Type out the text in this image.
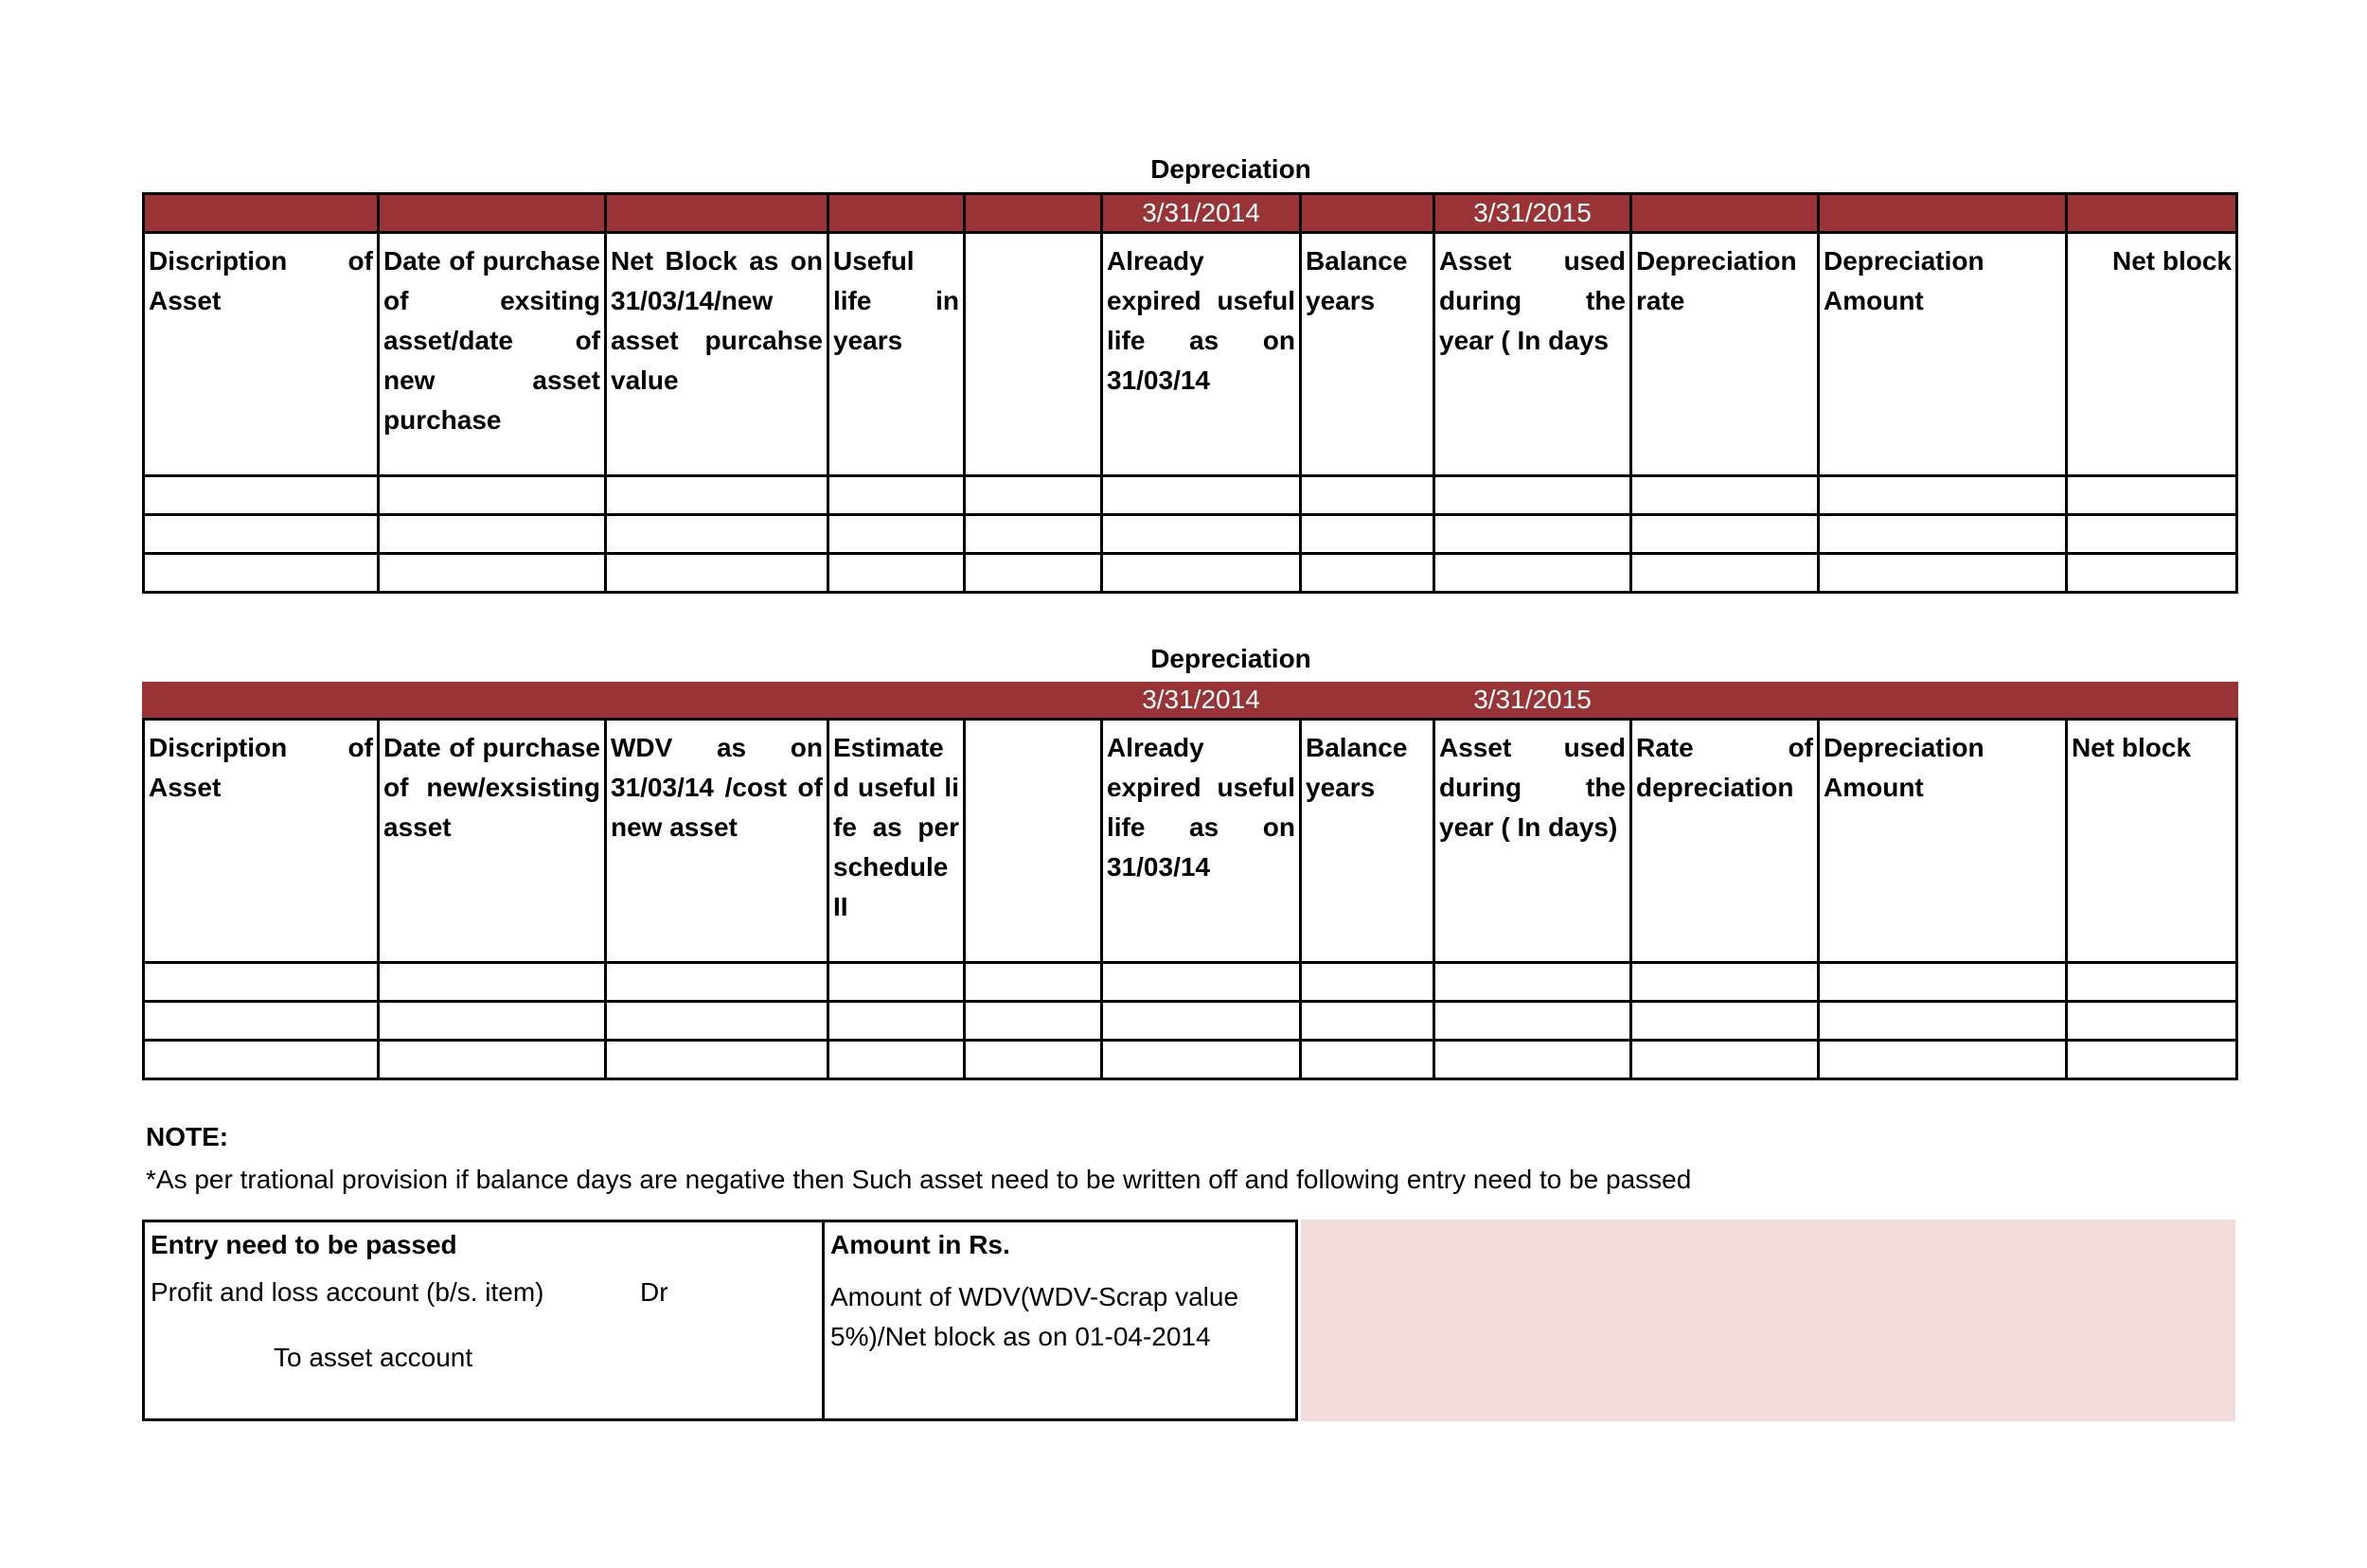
Depreciation
					3/31/2014		3/31/2015			
Discription of Asset	Date of purchase of exsiting asset/date of new asset purchase	Net Block as on 31/03/14/new asset purcahse value	Useful life in years		Already expired useful life as on 31/03/14	Balance years	Asset used during the year ( In days	Depreciation rate	Depreciation Amount	Net block

Depreciation
					3/31/2014		3/31/2015			
Discription of Asset	Date of purchase of new/exsisting asset	WDV as on 31/03/14 /cost of new asset	Estimated useful life as per schedule II		Already expired useful life as on 31/03/14	Balance years	Asset used during the year ( In days)	Rate of depreciation	Depreciation Amount	Net block

NOTE:
*As per trational provision if balance days are negative then Such asset need to be written off and following entry need to be passed
Entry need to be passed
Profit and loss account (b/s. item)	Dr
To asset account
Amount in Rs.
Amount of WDV(WDV-Scrap value 5%)/Net block as on 01-04-2014
